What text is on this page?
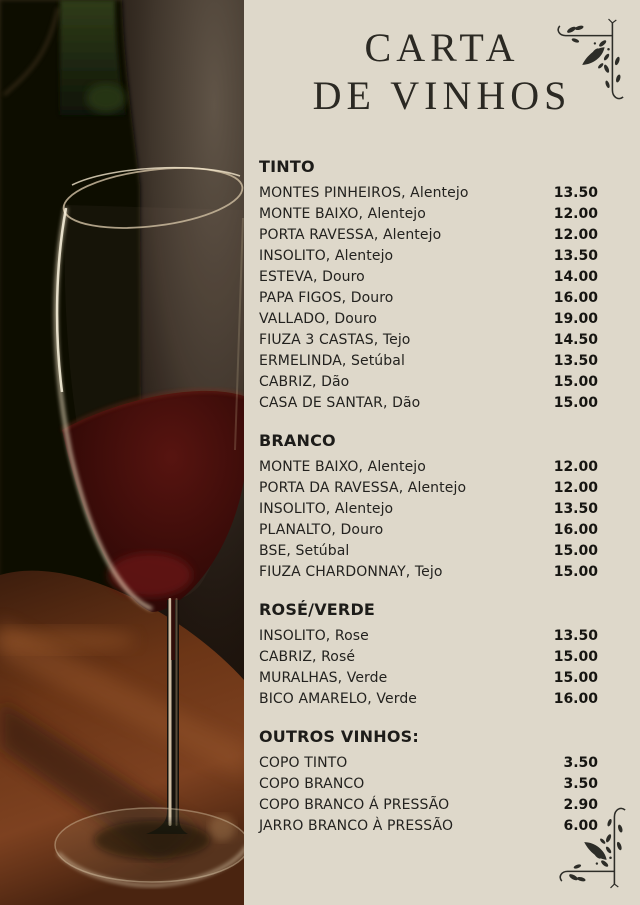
CARTA
DE VINHOS
TINTO
MONTES PINHEIROS, Alentejo	13.50
MONTE BAIXO, Alentejo	12.00
PORTA RAVESSA, Alentejo	12.00
INSOLITO, Alentejo	13.50
ESTEVA, Douro	14.00
PAPA FIGOS, Douro	16.00
VALLADO, Douro	19.00
FIUZA 3 CASTAS, Tejo	14.50
ERMELINDA, Setúbal	13.50
CABRIZ, Dão	15.00
CASA DE SANTAR, Dão	15.00
BRANCO
MONTE BAIXO, Alentejo	12.00
PORTA DA RAVESSA, Alentejo	12.00
INSOLITO, Alentejo	13.50
PLANALTO, Douro	16.00
BSE, Setúbal	15.00
FIUZA CHARDONNAY, Tejo	15.00
ROSÉ/VERDE
INSOLITO, Rose	13.50
CABRIZ, Rosé	15.00
MURALHAS, Verde	15.00
BICO AMARELO, Verde	16.00
OUTROS VINHOS:
COPO TINTO	3.50
COPO BRANCO	3.50
COPO BRANCO Á PRESSÃO	2.90
JARRO BRANCO À PRESSÃO	6.00
